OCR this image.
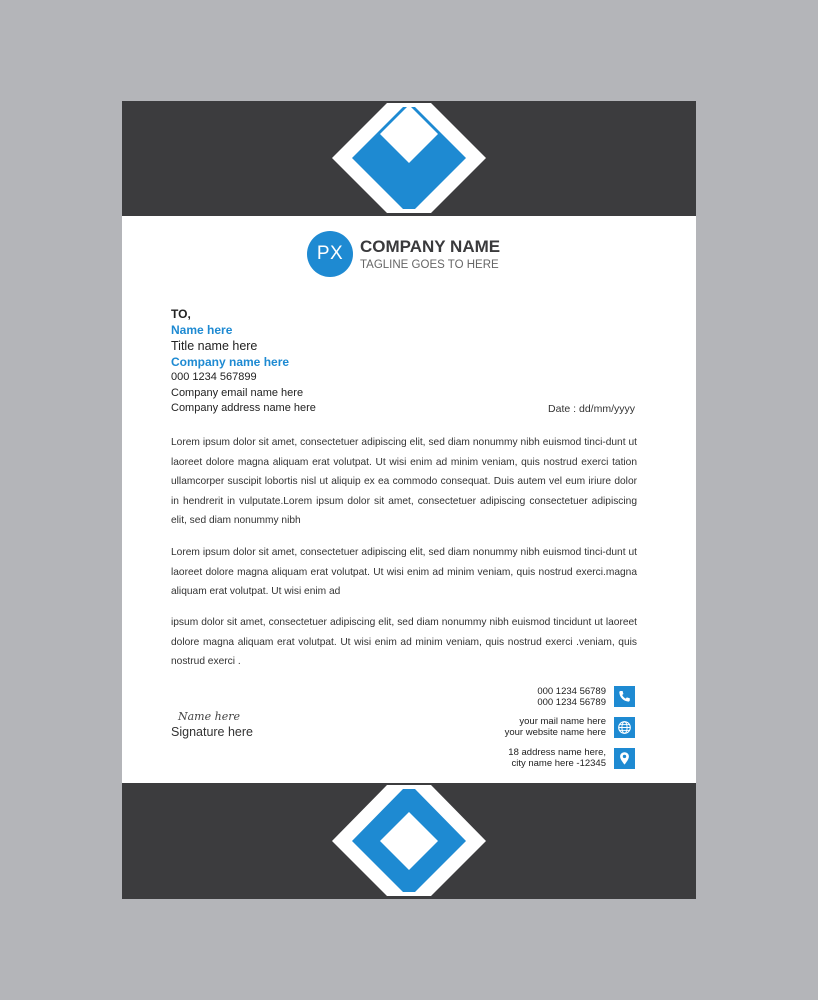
PX COMPANY NAME
TAGLINE GOES TO HERE
TO,
Name here
Title name here
Company name here
000 1234 567899
Company email name here
Company address name here	Date : dd/mm/yyyy

Lorem ipsum dolor sit amet, consectetuer adipiscing elit, sed diam nonummy nibh euismod tinci-dunt ut laoreet dolore magna aliquam erat volutpat. Ut wisi enim ad minim veniam, quis nostrud exerci tation ullamcorper suscipit lobortis nisl ut aliquip ex ea commodo consequat. Duis autem vel eum iriure dolor in hendrerit in vulputate.Lorem ipsum dolor sit amet, consectetuer adipiscing consectetuer adipiscing elit, sed diam nonummy nibh

Lorem ipsum dolor sit amet, consectetuer adipiscing elit, sed diam nonummy nibh euismod tinci-dunt ut laoreet dolore magna aliquam erat volutpat. Ut wisi enim ad minim veniam, quis nostrud exerci.magna aliquam erat volutpat. Ut wisi enim ad

ipsum dolor sit amet, consectetuer adipiscing elit, sed diam nonummy nibh euismod tincidunt ut laoreet dolore magna aliquam erat volutpat. Ut wisi enim ad minim veniam, quis nostrud exerci .veniam, quis nostrud exerci .

Name here
Signature here
000 1234 56789
000 1234 56789
your mail name here
your website name here
18 address name here,
city name here -12345
